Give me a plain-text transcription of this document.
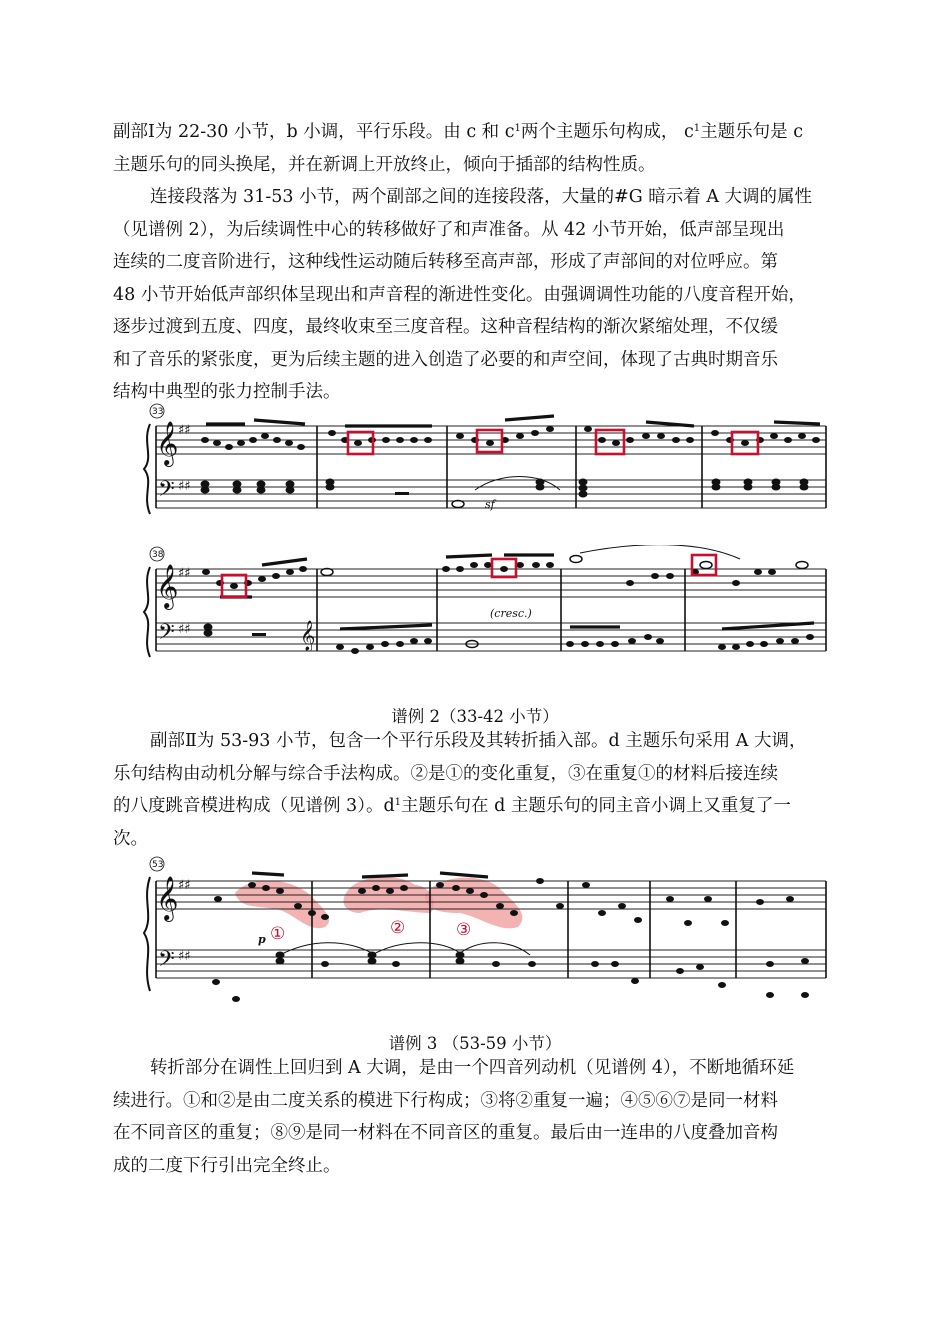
副部Ⅰ为 22-30 小节，b 小调，平行乐段。由 c 和 $c^1$两个主题乐句构成， $c^1$主题乐句是 c
主题乐句的同头换尾，并在新调上开放终止，倾向于插部的结构性质。
连接段落为 31-53 小节，两个副部之间的连接段落，大量的#G 暗示着 A 大调的属性
（见谱例 2），为后续调性中心的转移做好了和声准备。从 42 小节开始，低声部呈现出
连续的二度音阶进行，这种线性运动随后转移至高声部，形成了声部间的对位呼应。第
48 小节开始低声部织体呈现出和声音程的渐进性变化。由强调调性功能的八度音程开始，
逐步过渡到五度、四度，最终收束至三度音程。这种音程结构的渐次紧缩处理，不仅缓
和了音乐的紧张度，更为后续主题的进入创造了必要的和声空间，体现了古典时期音乐
结构中典型的张力控制手法。
33
𝄞
𝄢
♯♯
♯♯
sf
38
𝄞
𝄢
♯♯
♯♯
(cresc.)
𝄞
谱例 2（33-42 小节）
副部Ⅱ为 53-93 小节，包含一个平行乐段及其转折插入部。d 主题乐句采用 A 大调，
乐句结构由动机分解与综合手法构成。②是①的变化重复，③在重复①的材料后接连续
的八度跳音模进构成（见谱例 3）。$d^1$主题乐句在 d 主题乐句的同主音小调上又重复了一
次。
53
𝄞
𝄢
♯♯
♯♯
p ①	②	③
谱例 3 （53-59 小节）
转折部分在调性上回归到 A 大调，是由一个四音列动机（见谱例 4），不断地循环延
续进行。①和②是由二度关系的模进下行构成；③将②重复一遍；④⑤⑥⑦是同一材料
在不同音区的重复；⑧⑨是同一材料在不同音区的重复。最后由一连串的八度叠加音构
成的二度下行引出完全终止。
